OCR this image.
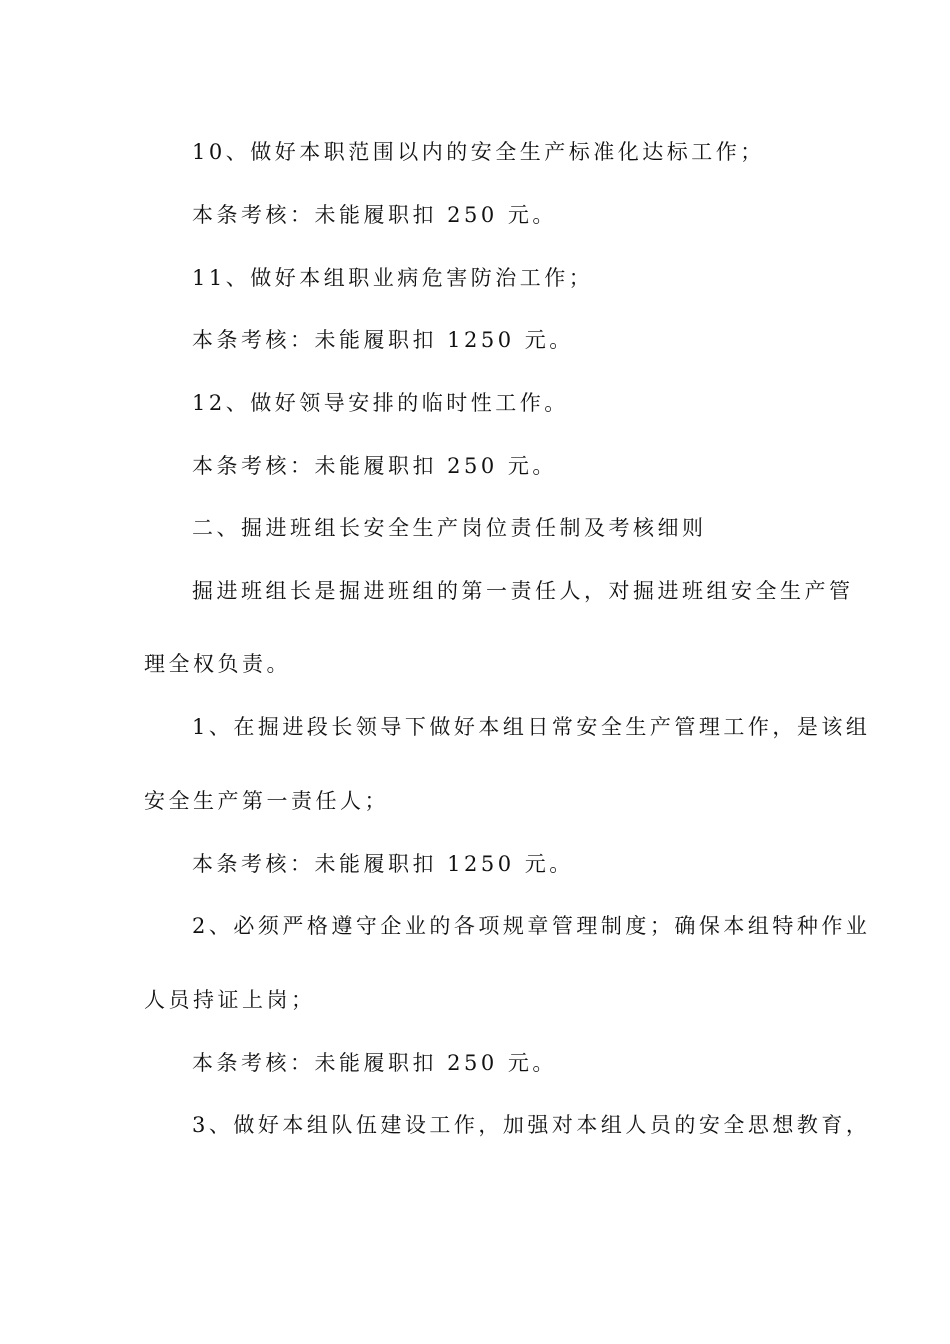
10、做好本职范围以内的安全生产标准化达标工作；
本条考核：未能履职扣 250 元。
11、做好本组职业病危害防治工作；
本条考核：未能履职扣 1250 元。
12、做好领导安排的临时性工作。
本条考核：未能履职扣 250 元。
二、掘进班组长安全生产岗位责任制及考核细则
掘进班组长是掘进班组的第一责任人，对掘进班组安全生产管
理全权负责。
1、在掘进段长领导下做好本组日常安全生产管理工作，是该组
安全生产第一责任人；
本条考核：未能履职扣 1250 元。
2、必须严格遵守企业的各项规章管理制度；确保本组特种作业
人员持证上岗；
本条考核：未能履职扣 250 元。
3、做好本组队伍建设工作，加强对本组人员的安全思想教育，
